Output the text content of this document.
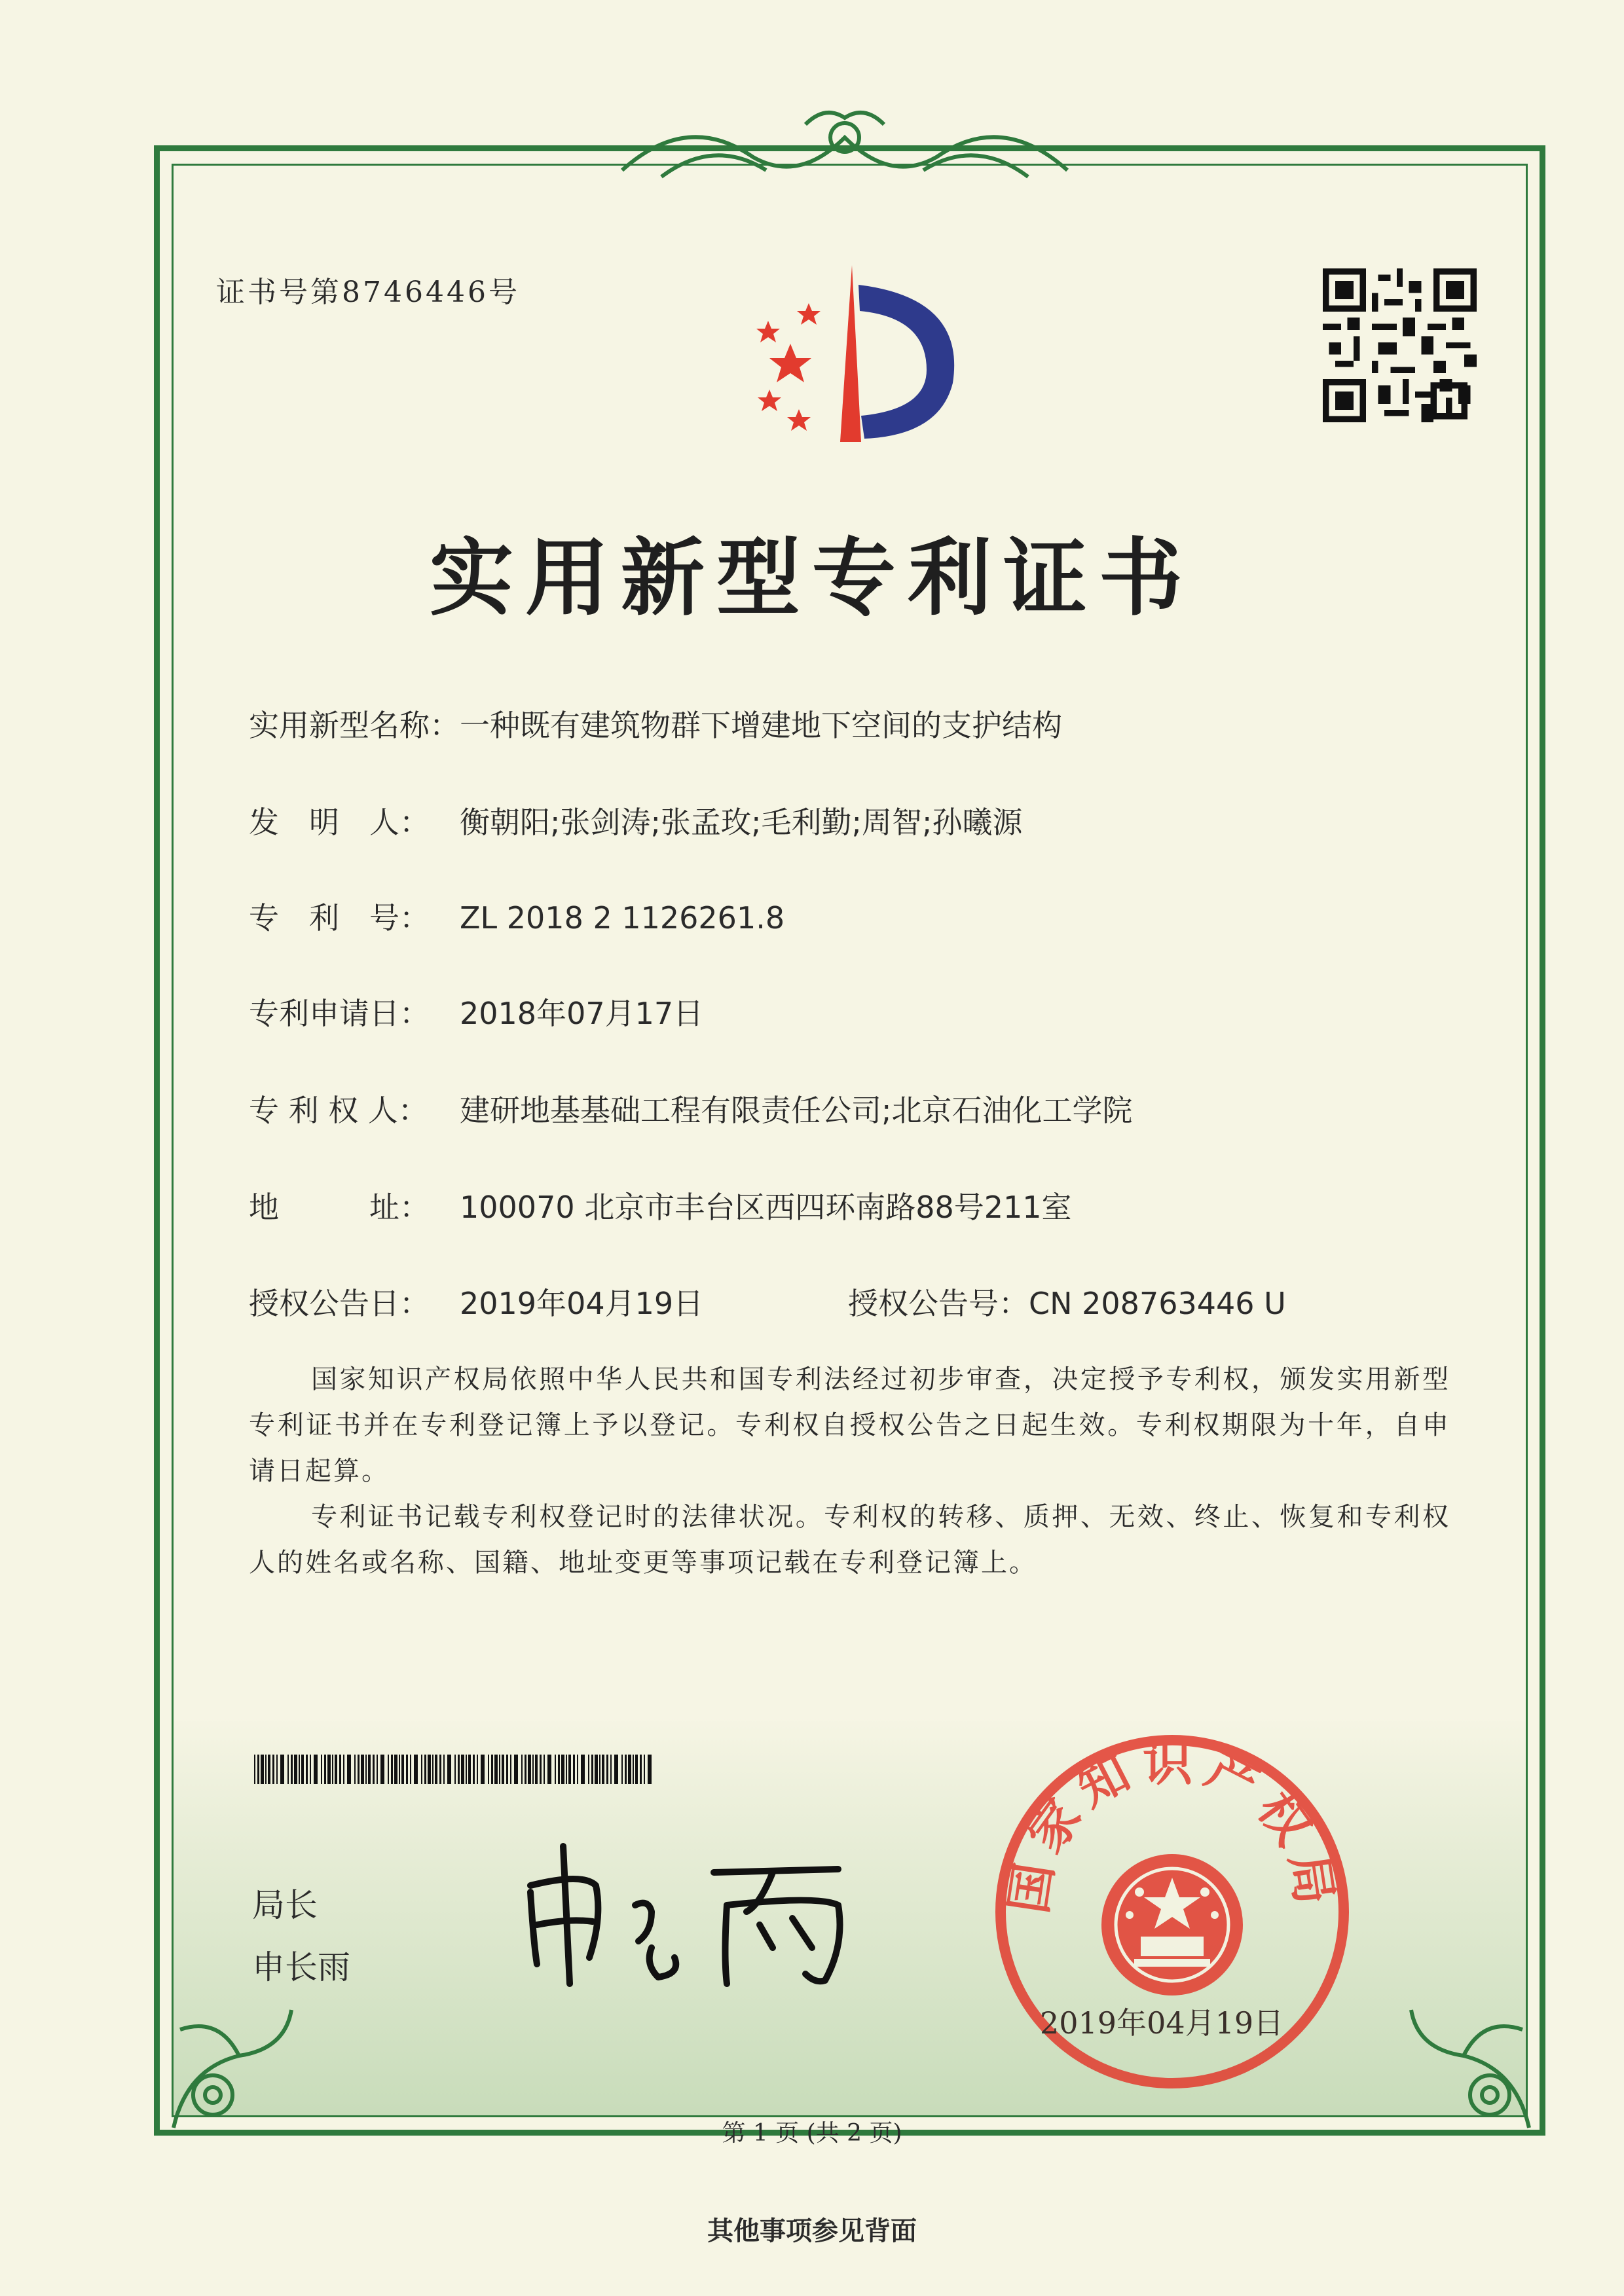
证书号第8746446号
实用新型专利证书
实用新型名称：一种既有建筑物群下增建地下空间的支护结构
发　明　人： 衡朝阳;张剑涛;张孟玫;毛利勤;周智;孙曦源
专　利　号： ZL 2018 2 1126261.8
专利申请日： 2018年07月17日
专 利 权 人： 建研地基基础工程有限责任公司;北京石油化工学院
地　　　址： 100070 北京市丰台区西四环南路88号211室
授权公告日： 2019年04月19日	授权公告号：CN 208763446 U
国家知识产权局依照中华人民共和国专利法经过初步审查，决定授予专利权，颁发实用新型专利证书并在专利登记簿上予以登记。专利权自授权公告之日起生效。专利权期限为十年，自申请日起算。
专利证书记载专利权登记时的法律状况。专利权的转移、质押、无效、终止、恢复和专利权人的姓名或名称、国籍、地址变更等事项记载在专利登记簿上。
局长
申长雨
国家知识产权局
2019年04月19日
第 1 页 (共 2 页)
其他事项参见背面
